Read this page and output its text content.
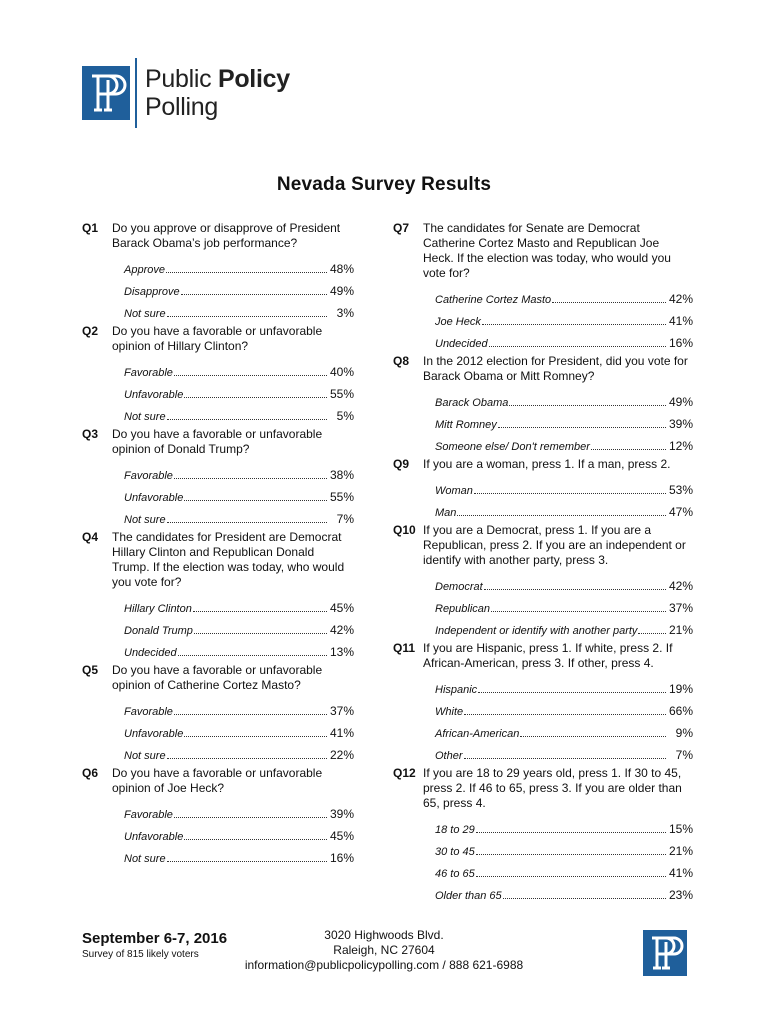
Public Policy
Polling
Nevada Survey Results
Q1	Do you approve or disapprove of President Barack Obama’s job performance?
Approve	48%
Disapprove	49%
Not sure	3%
Q2	Do you have a favorable or unfavorable opinion of Hillary Clinton?
Favorable	40%
Unfavorable	55%
Not sure	5%
Q3	Do you have a favorable or unfavorable opinion of Donald Trump?
Favorable	38%
Unfavorable	55%
Not sure	7%
Q4	The candidates for President are Democrat Hillary Clinton and Republican Donald Trump. If the election was today, who would you vote for?
Hillary Clinton	45%
Donald Trump	42%
Undecided	13%
Q5	Do you have a favorable or unfavorable opinion of Catherine Cortez Masto?
Favorable	37%
Unfavorable	41%
Not sure	22%
Q6	Do you have a favorable or unfavorable opinion of Joe Heck?
Favorable	39%
Unfavorable	45%
Not sure	16%
Q7	The candidates for Senate are Democrat Catherine Cortez Masto and Republican Joe Heck. If the election was today, who would you vote for?
Catherine Cortez Masto	42%
Joe Heck	41%
Undecided	16%
Q8	In the 2012 election for President, did you vote for Barack Obama or Mitt Romney?
Barack Obama	49%
Mitt Romney	39%
Someone else/ Don't remember	12%
Q9	If you are a woman, press 1. If a man, press 2.
Woman	53%
Man	47%
Q10 If you are a Democrat, press 1. If you are a Republican, press 2. If you are an independent or identify with another party, press 3.
Democrat	42%
Republican	37%
Independent or identify with another party	21%
Q11 If you are Hispanic, press 1. If white, press 2. If African-American, press 3. If other, press 4.
Hispanic	19%
White	66%
African-American	9%
Other	7%
Q12 If you are 18 to 29 years old, press 1. If 30 to 45, press 2. If 46 to 65, press 3. If you are older than 65, press 4.
18 to 29	15%
30 to 45	21%
46 to 65	41%
Older than 65	23%
September 6-7, 2016
Survey of 815 likely voters
3020 Highwoods Blvd.
Raleigh, NC 27604
information@publicpolicypolling.com / 888 621-6988
